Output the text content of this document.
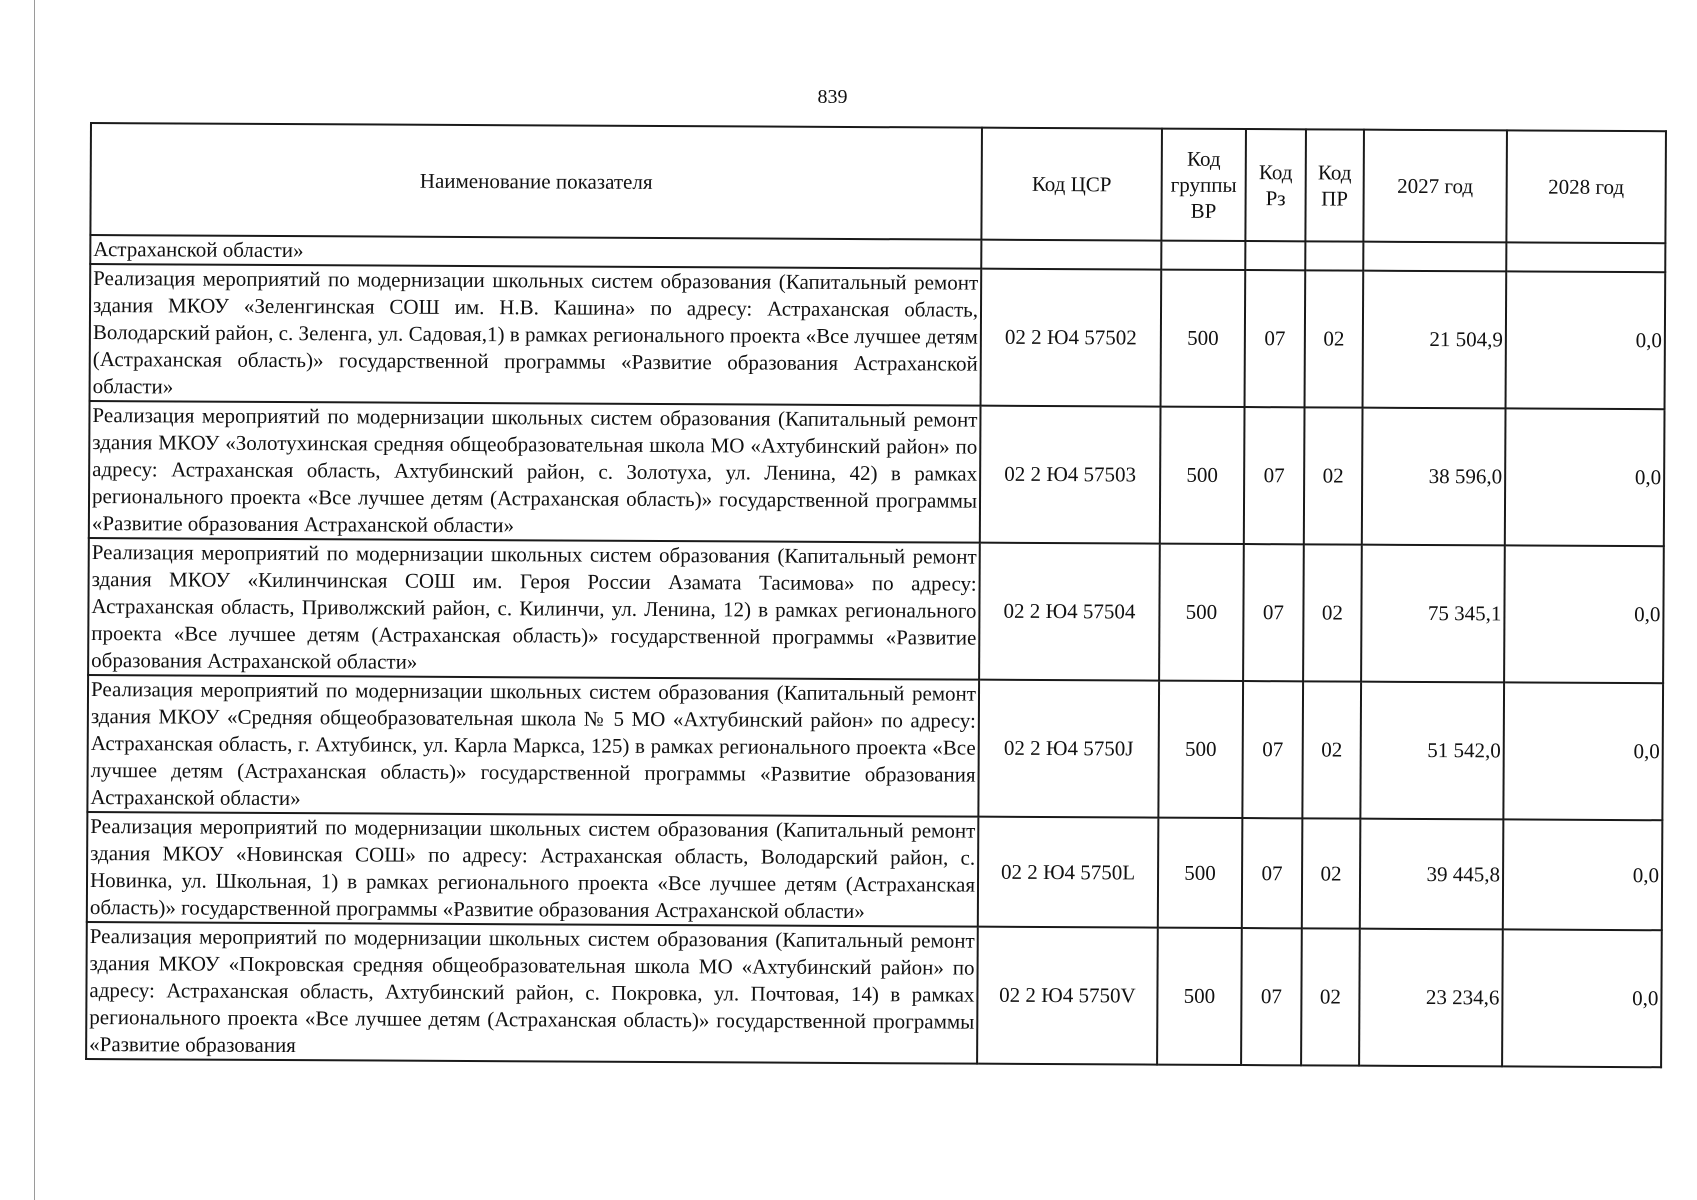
839
Наименование показателя	Код ЦСР	Код группы ВР	Код Рз	Код ПР	2027 год	2028 год
Астраханской области»						
Реализация мероприятий по модернизации школьных систем образования (Капитальный ремонт здания МКОУ «Зеленгинская СОШ им. Н.В. Кашина» по адресу: Астраханская область, Володарский район, с. Зеленга, ул. Садовая,1) в рамках регионального проекта «Все лучшее детям (Астраханская область)» государственной программы «Развитие образования Астраханской области»	02 2 Ю4 57502	500	07	02	21 504,9	0,0
Реализация мероприятий по модернизации школьных систем образования (Капитальный ремонт здания МКОУ «Золотухинская средняя общеобразовательная школа МО «Ахтубинский район» по адресу: Астраханская область, Ахтубинский район, с. Золотуха, ул. Ленина, 42) в рамках регионального проекта «Все лучшее детям (Астраханская область)» государственной программы «Развитие образования Астраханской области»	02 2 Ю4 57503	500	07	02	38 596,0	0,0
Реализация мероприятий по модернизации школьных систем образования (Капитальный ремонт здания МКОУ «Килинчинская СОШ им. Героя России Азамата Тасимова» по адресу: Астраханская область, Приволжский район, с. Килинчи, ул. Ленина, 12) в рамках регионального проекта «Все лучшее детям (Астраханская область)» государственной программы «Развитие образования Астраханской области»	02 2 Ю4 57504	500	07	02	75 345,1	0,0
Реализация мероприятий по модернизации школьных систем образования (Капитальный ремонт здания МКОУ «Средняя общеобразовательная школа № 5 МО «Ахтубинский район» по адресу: Астраханская область, г. Ахтубинск, ул. Карла Маркса, 125) в рамках регионального проекта «Все лучшее детям (Астраханская область)» государственной программы «Развитие образования Астраханской области»	02 2 Ю4 5750J	500	07	02	51 542,0	0,0
Реализация мероприятий по модернизации школьных систем образования (Капитальный ремонт здания МКОУ «Новинская СОШ» по адресу: Астраханская область, Володарский район, с. Новинка, ул. Школьная, 1) в рамках регионального проекта «Все лучшее детям (Астраханская область)» государственной программы «Развитие образования Астраханской области»	02 2 Ю4 5750L	500	07	02	39 445,8	0,0
Реализация мероприятий по модернизации школьных систем образования (Капитальный ремонт здания МКОУ «Покровская средняя общеобразовательная школа МО «Ахтубинский район» по адресу: Астраханская область, Ахтубинский район, с. Покровка, ул. Почтовая, 14) в рамках регионального проекта «Все лучшее детям (Астраханская область)» государственной программы «Развитие образования	02 2 Ю4 5750V	500	07	02	23 234,6	0,0
